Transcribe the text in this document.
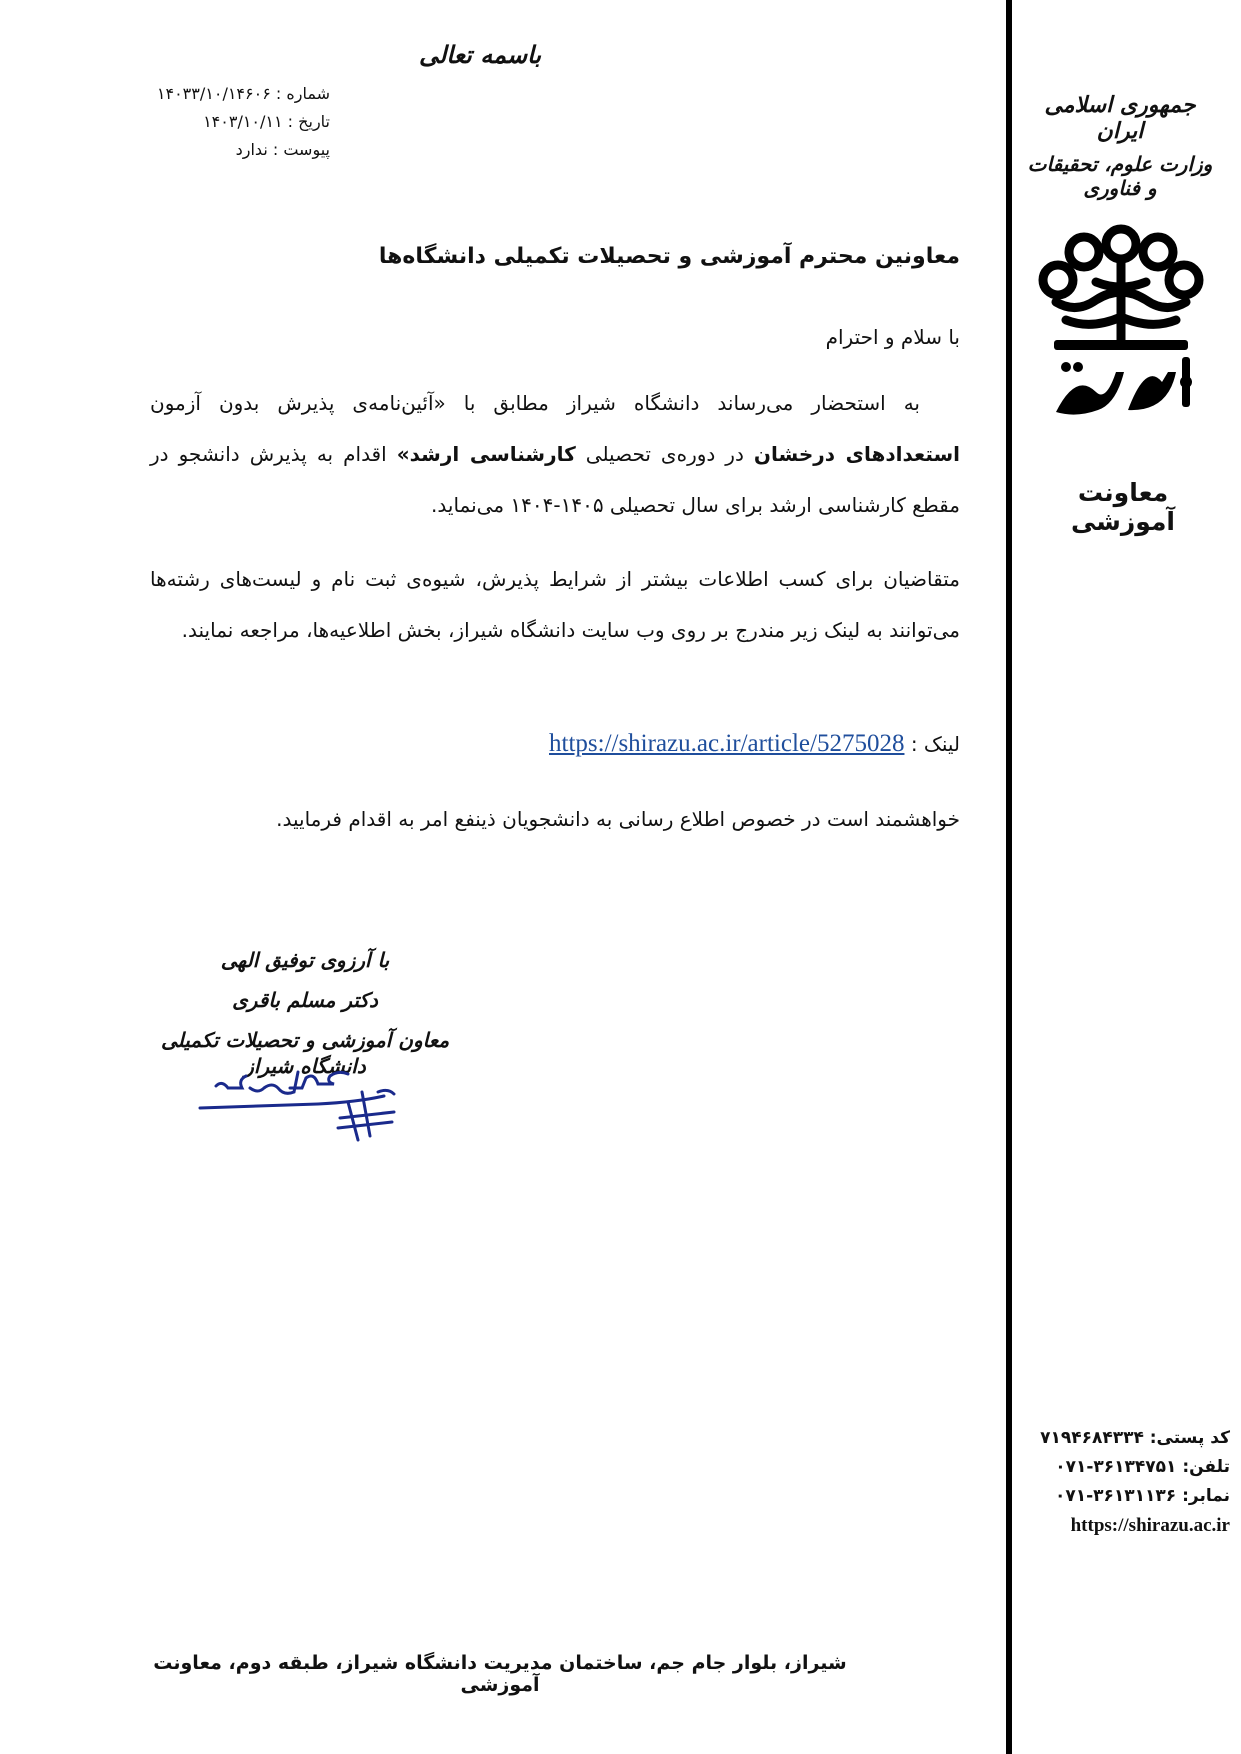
باسمه تعالی
شماره : ۱۴۰۳۳/۱۰/۱۴۶۰۶
تاریخ : ۱۴۰۳/۱۰/۱۱
پیوست : ندارد
جمهوری اسلامی ایران
وزارت علوم، تحقیقات و فناوری
معاونت آموزشی
کد پستی: ۷۱۹۴۶۸۴۳۳۴
تلفن: ۳۶۱۳۴۷۵۱-۰۷۱
نمابر: ۳۶۱۳۱۱۳۶-۰۷۱
https://shirazu.ac.ir
معاونین محترم آموزشی و تحصیلات تکمیلی دانشگاه‌ها
با سلام و احترام
به استحضار می‌رساند دانشگاه شیراز مطابق با «آئین‌نامه‌ی پذیرش بدون آزمون استعدادهای درخشان در دوره‌ی تحصیلی کارشناسی ارشد» اقدام به پذیرش دانشجو در مقطع کارشناسی ارشد برای سال تحصیلی ۱۴۰۵-۱۴۰۴ می‌نماید.
متقاضیان برای کسب اطلاعات بیشتر از شرایط پذیرش، شیوه‌ی ثبت نام و لیست‌های رشته‌ها می‌توانند به لینک زیر مندرج بر روی وب سایت دانشگاه شیراز، بخش اطلاعیه‌ها، مراجعه نمایند.
لینک : https://shirazu.ac.ir/article/5275028
خواهشمند است در خصوص اطلاع رسانی به دانشجویان ذینفع امر به اقدام فرمایید.
با آرزوی توفیق الهی
دکتر مسلم باقری
معاون آموزشی و تحصیلات تکمیلی
دانشگاه شیراز
شیراز، بلوار جام جم، ساختمان مدیریت دانشگاه شیراز، طبقه دوم، معاونت آموزشی
